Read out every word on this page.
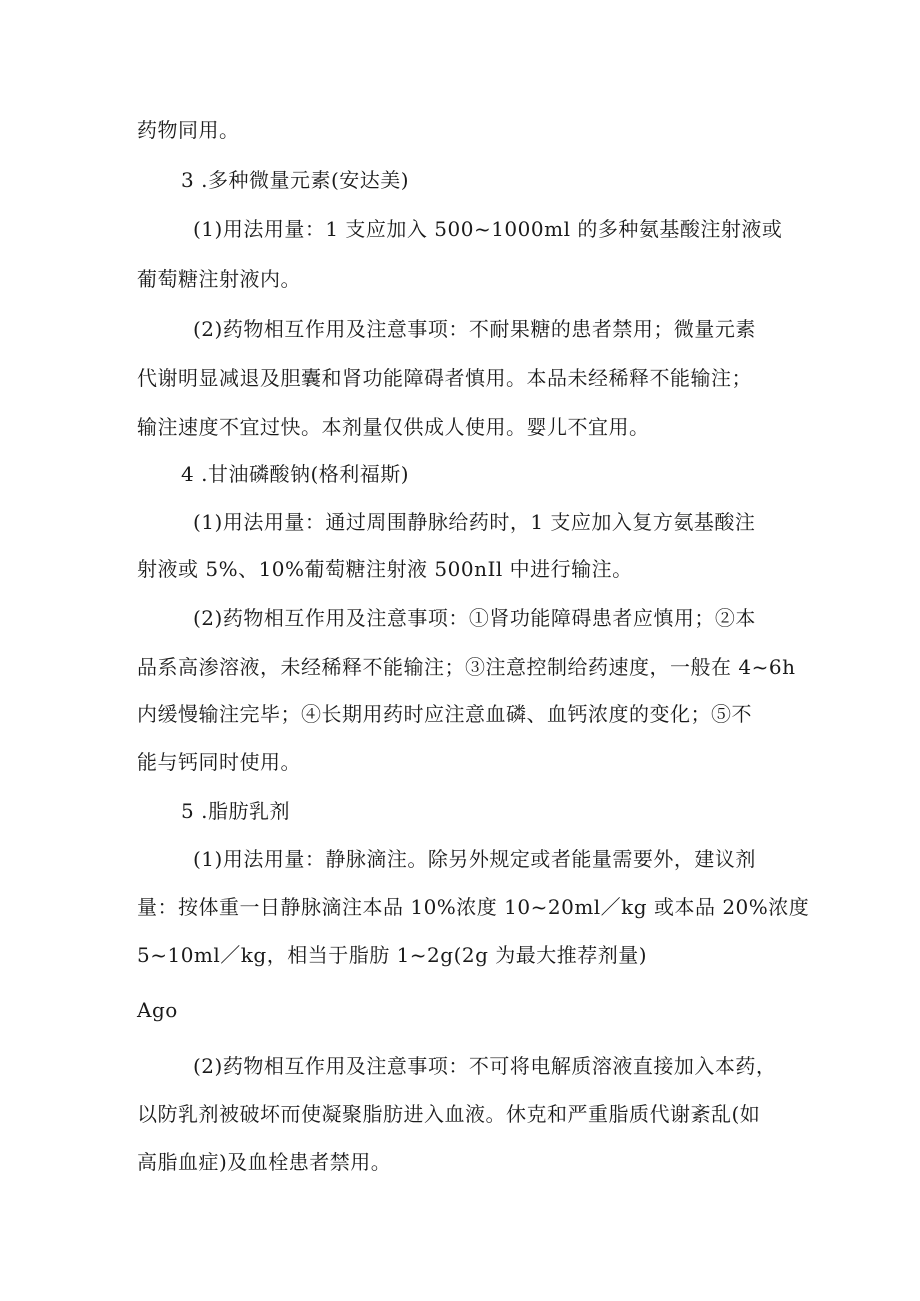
药物同用。
3 .多种微量元素(安达美)
(1)用法用量：1 支应加入 500~1000ml 的多种氨基酸注射液或
葡萄糖注射液内。
(2)药物相互作用及注意事项：不耐果糖的患者禁用；微量元素
代谢明显减退及胆囊和肾功能障碍者慎用。本品未经稀释不能输注；
输注速度不宜过快。本剂量仅供成人使用。婴儿不宜用。
4 .甘油磷酸钠(格利福斯)
(1)用法用量：通过周围静脉给药时，1 支应加入复方氨基酸注
射液或 5%、10%葡萄糖注射液 500nIl 中进行输注。
(2)药物相互作用及注意事项：①肾功能障碍患者应慎用；②本
品系高渗溶液，未经稀释不能输注；③注意控制给药速度，一般在 4~6h
内缓慢输注完毕；④长期用药时应注意血磷、血钙浓度的变化；⑤不
能与钙同时使用。
5 .脂肪乳剂
(1)用法用量：静脉滴注。除另外规定或者能量需要外，建议剂
量：按体重一日静脉滴注本品 10%浓度 10~20ml／kg 或本品 20%浓度
5~10ml／kg，相当于脂肪 1~2g(2g 为最大推荐剂量)
Ago
(2)药物相互作用及注意事项：不可将电解质溶液直接加入本药，
以防乳剂被破坏而使凝聚脂肪进入血液。休克和严重脂质代谢紊乱(如
高脂血症)及血栓患者禁用。
